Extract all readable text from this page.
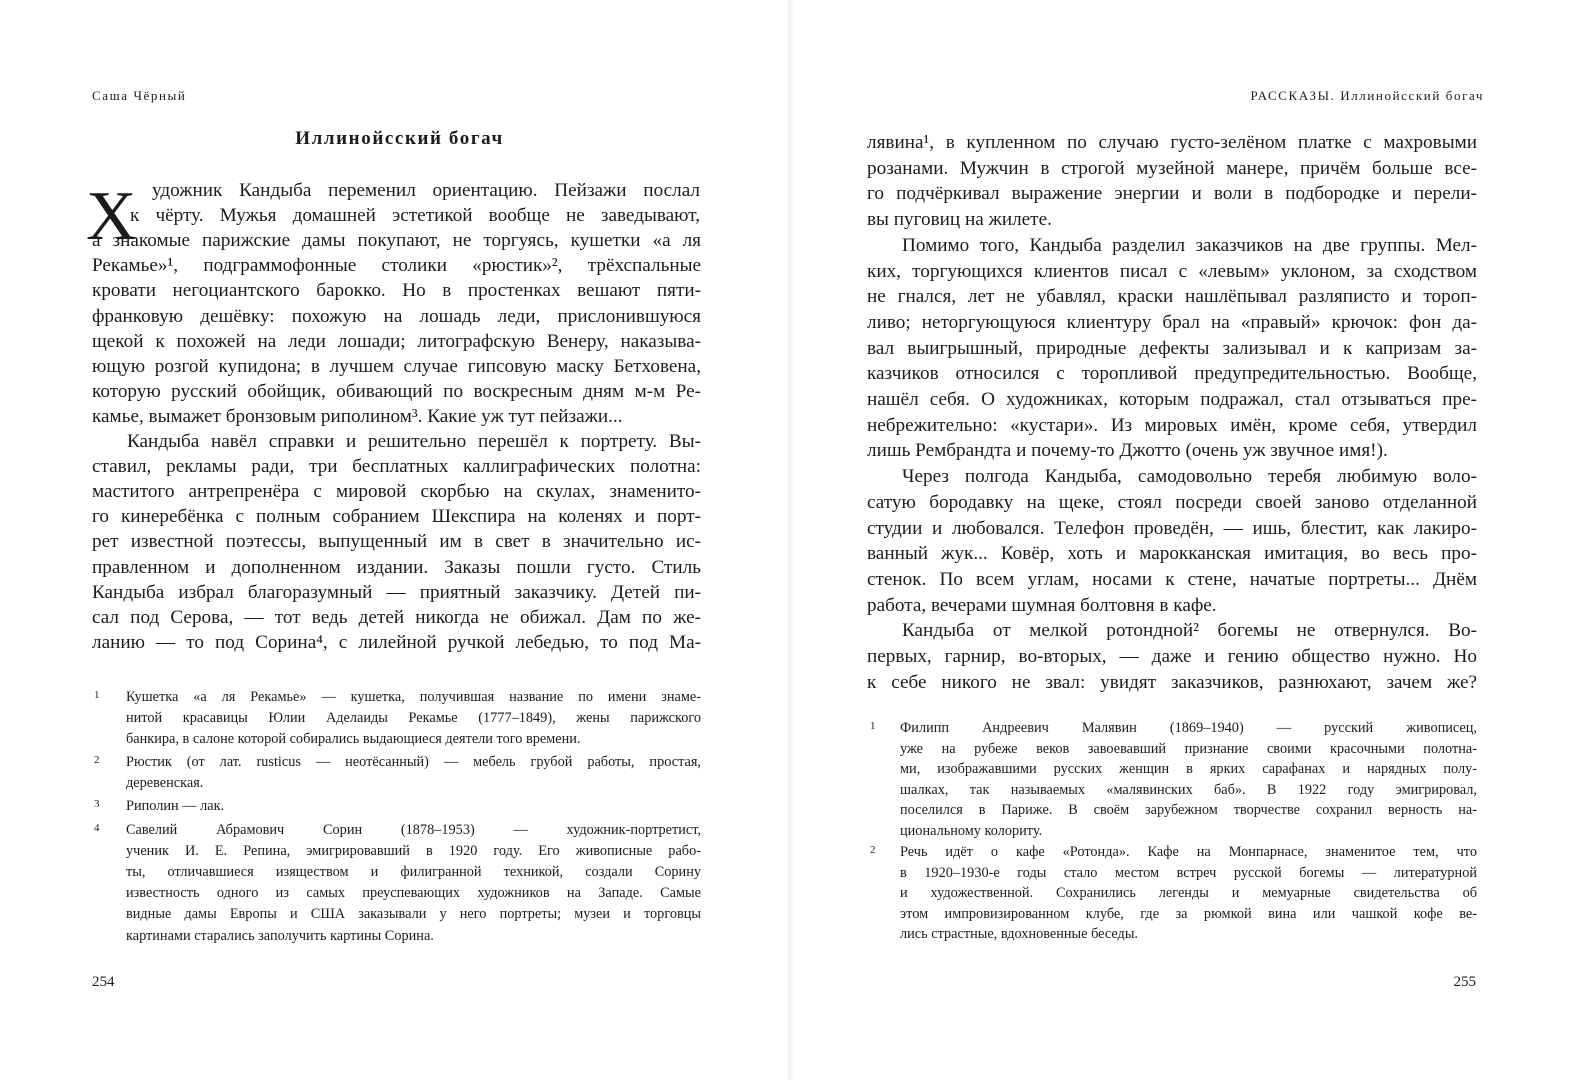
Саша Чёрный
Иллинойсский богач
Х удожник Кандыба переменил ориентацию. Пейзажи послал
к чёрту. Мужья домашней эстетикой вообще не заведывают,
а знакомые парижские дамы покупают, не торгуясь, кушетки «а ля
Рекамье»¹, подграммофонные столики «рюстик»², трёхспальные
кровати негоциантского барокко. Но в простенках вешают пяти-
франковую дешёвку: похожую на лошадь леди, прислонившуюся
щекой к похожей на леди лошади; литографскую Венеру, наказыва-
ющую розгой купидона; в лучшем случае гипсовую маску Бетховена,
которую русский обойщик, обивающий по воскресным дням м-м Ре-
камье, вымажет бронзовым риполином³. Какие уж тут пейзажи...
Кандыба навёл справки и решительно перешёл к портрету. Вы-
ставил, рекламы ради, три бесплатных каллиграфических полотна:
маститого антрепренёра с мировой скорбью на скулах, знаменито-
го кинеребёнка с полным собранием Шекспира на коленях и порт-
рет известной поэтессы, выпущенный им в свет в значительно ис-
правленном и дополненном издании. Заказы пошли густо. Стиль
Кандыба избрал благоразумный — приятный заказчику. Детей пи-
сал под Серова, — тот ведь детей никогда не обижал. Дам по же-
ланию — то под Сорина⁴, с лилейной ручкой лебедью, то под Ма-
1 Кушетка «а ля Рекамье» — кушетка, получившая название по имени знаме-
нитой красавицы Юлии Аделаиды Рекамье (1777–1849), жены парижского
банкира, в салоне которой собирались выдающиеся деятели того времени.
2 Рюстик (от лат. rusticus — неотёсанный) — мебель грубой работы, простая,
деревенская.
3 Риполин — лак.
4 Савелий Абрамович Сорин (1878–1953) — художник-портретист,
ученик И. Е. Репина, эмигрировавший в 1920 году. Его живописные рабо-
ты, отличавшиеся изяществом и филигранной техникой, создали Сорину
известность одного из самых преуспевающих художников на Западе. Самые
видные дамы Европы и США заказывали у него портреты; музеи и торговцы
картинами старались заполучить картины Сорина.
254
РАССКАЗЫ. Иллинойсский богач
лявина¹, в купленном по случаю густо-зелёном платке с махровыми
розанами. Мужчин в строгой музейной манере, причём больше все-
го подчёркивал выражение энергии и воли в подбородке и перели-
вы пуговиц на жилете.
Помимо того, Кандыба разделил заказчиков на две группы. Мел-
ких, торгующихся клиентов писал с «левым» уклоном, за сходством
не гнался, лет не убавлял, краски нашлёпывал разляписто и тороп-
ливо; неторгующуюся клиентуру брал на «правый» крючок: фон да-
вал выигрышный, природные дефекты зализывал и к капризам за-
казчиков относился с торопливой предупредительностью. Вообще,
нашёл себя. О художниках, которым подражал, стал отзываться пре-
небрежительно: «кустари». Из мировых имён, кроме себя, утвердил
лишь Рембрандта и почему-то Джотто (очень уж звучное имя!).
Через полгода Кандыба, самодовольно теребя любимую воло-
сатую бородавку на щеке, стоял посреди своей заново отделанной
студии и любовался. Телефон проведён, — ишь, блестит, как лакиро-
ванный жук... Ковёр, хоть и марокканская имитация, во весь про-
стенок. По всем углам, носами к стене, начатые портреты... Днём
работа, вечерами шумная болтовня в кафе.
Кандыба от мелкой ротондной² богемы не отвернулся. Во-
первых, гарнир, во-вторых, — даже и гению общество нужно. Но
к себе никого не звал: увидят заказчиков, разнюхают, зачем же?
1 Филипп Андреевич Малявин (1869–1940) — русский живописец,
уже на рубеже веков завоевавший признание своими красочными полотна-
ми, изображавшими русских женщин в ярких сарафанах и нарядных полу-
шалках, так называемых «малявинских баб». В 1922 году эмигрировал,
поселился в Париже. В своём зарубежном творчестве сохранил верность на-
циональному колориту.
2 Речь идёт о кафе «Ротонда». Кафе на Монпарнасе, знаменитое тем, что
в 1920–1930-е годы стало местом встреч русской богемы — литературной
и художественной. Сохранились легенды и мемуарные свидетельства об
этом импровизированном клубе, где за рюмкой вина или чашкой кофе ве-
лись страстные, вдохновенные беседы.
255
